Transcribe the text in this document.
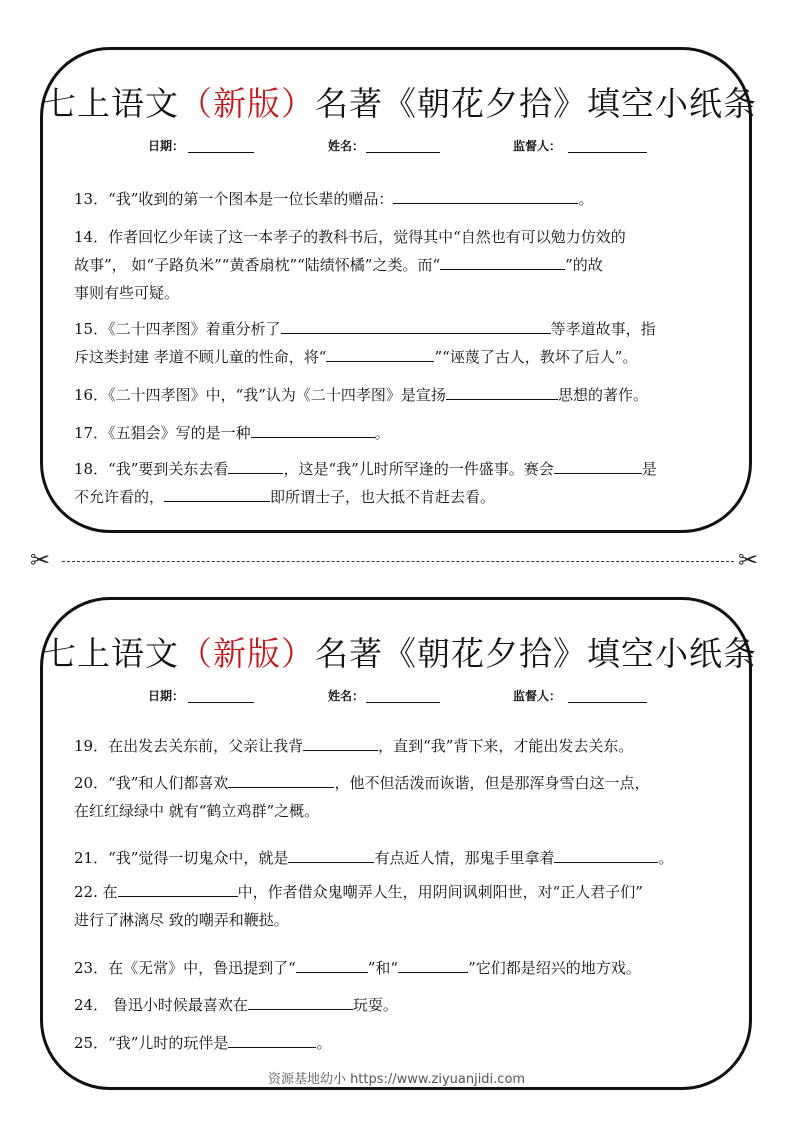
七上语文（新版）名著《朝花夕拾》填空小纸条
日期：	姓名：	监督人：
13．“我”收到的第一个图本是一位长辈的赠品：	。
14．作者回忆少年读了这一本孝子的教科书后，觉得其中“自然也有可以勉力仿效的
故事”， 如“子路负米”“黄香扇枕”“陆绩怀橘”之类。而“	”的故
事则有些可疑。
15．《二十四孝图》着重分析了	等孝道故事，指
斥这类封建 孝道不顾儿童的性命，将“	”“诬蔑了古人，教坏了后人”。
16．《二十四孝图》中，“我”认为《二十四孝图》是宣扬	思想的著作。
17．《五猖会》写的是一种	。
18．“我”要到关东去看	，这是“我”儿时所罕逢的一件盛事。赛会	是
不允许看的，	即所谓士子，也大抵不肯赶去看。
✂	✂
七上语文（新版）名著《朝花夕拾》填空小纸条
日期：	姓名：	监督人：
19．在出发去关东前，父亲让我背	，直到“我”背下来，才能出发去关东。
20．“我”和人们都喜欢	，他不但活泼而诙谐，但是那浑身雪白这一点，
在红红绿绿中 就有“鹤立鸡群”之概。
21．“我”觉得一切鬼众中，就是	有点近人情，那鬼手里拿着	。
22. 在	中，作者借众鬼嘲弄人生，用阴间讽刺阳世，对“正人君子们”
进行了淋漓尽 致的嘲弄和鞭挞。
23．在《无常》中，鲁迅提到了“	”和“	”它们都是绍兴的地方戏。
24． 鲁迅小时候最喜欢在	玩耍。
25．“我”儿时的玩伴是	。
资源基地幼小 https://www.ziyuanjidi.com
